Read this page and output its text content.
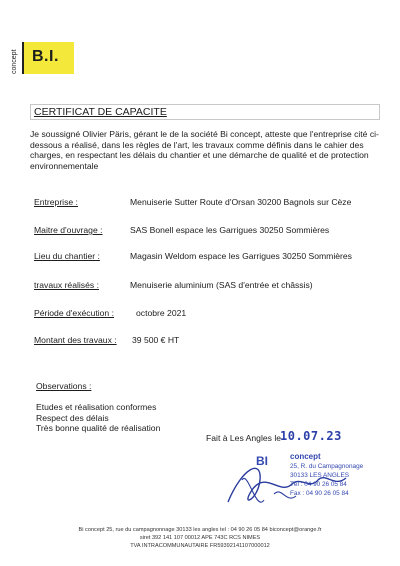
B.I.
concept
CERTIFICAT DE CAPACITE
Je soussigné Olivier Päris, gérant le de la société Bi concept, atteste que l'entreprise cité ci-dessous a réalisé, dans les règles de l'art, les travaux comme définis dans le cahier des charges, en respectant les délais du chantier et une démarche de qualité et de protection environnementale
Entreprise :	Menuiserie Sutter Route d'Orsan 30200 Bagnols sur Cèze
Maitre d'ouvrage :	SAS Bonell espace les Garrigues 30250 Sommières
Lieu du chantier :	Magasin Weldom espace les Garrigues 30250 Sommières
travaux réalisés :	Menuiserie aluminium (SAS d'entrée et châssis)
Période d'exécution :	octobre 2021
Montant des travaux : 39 500 € HT
Observations :
Etudes et réalisation conformes
Respect des délais
Très bonne qualité de réalisation
Fait à Les Angles le
10.07.23
BI	concept
25, R. du Campagnonage
30133 LES ANGLES
Tél : 04 90 26 05 84
Fax : 04 90 26 05 84
Bi concept 25, rue du campagnonnage 30133 les angles tel : 04 90 26 05 84 biconcept@orange.fr
siret 392 141 107 00012 APE 743C RCS NIMES
TVA INTRACOMMUNAUTAIRE FR59392141107000012
